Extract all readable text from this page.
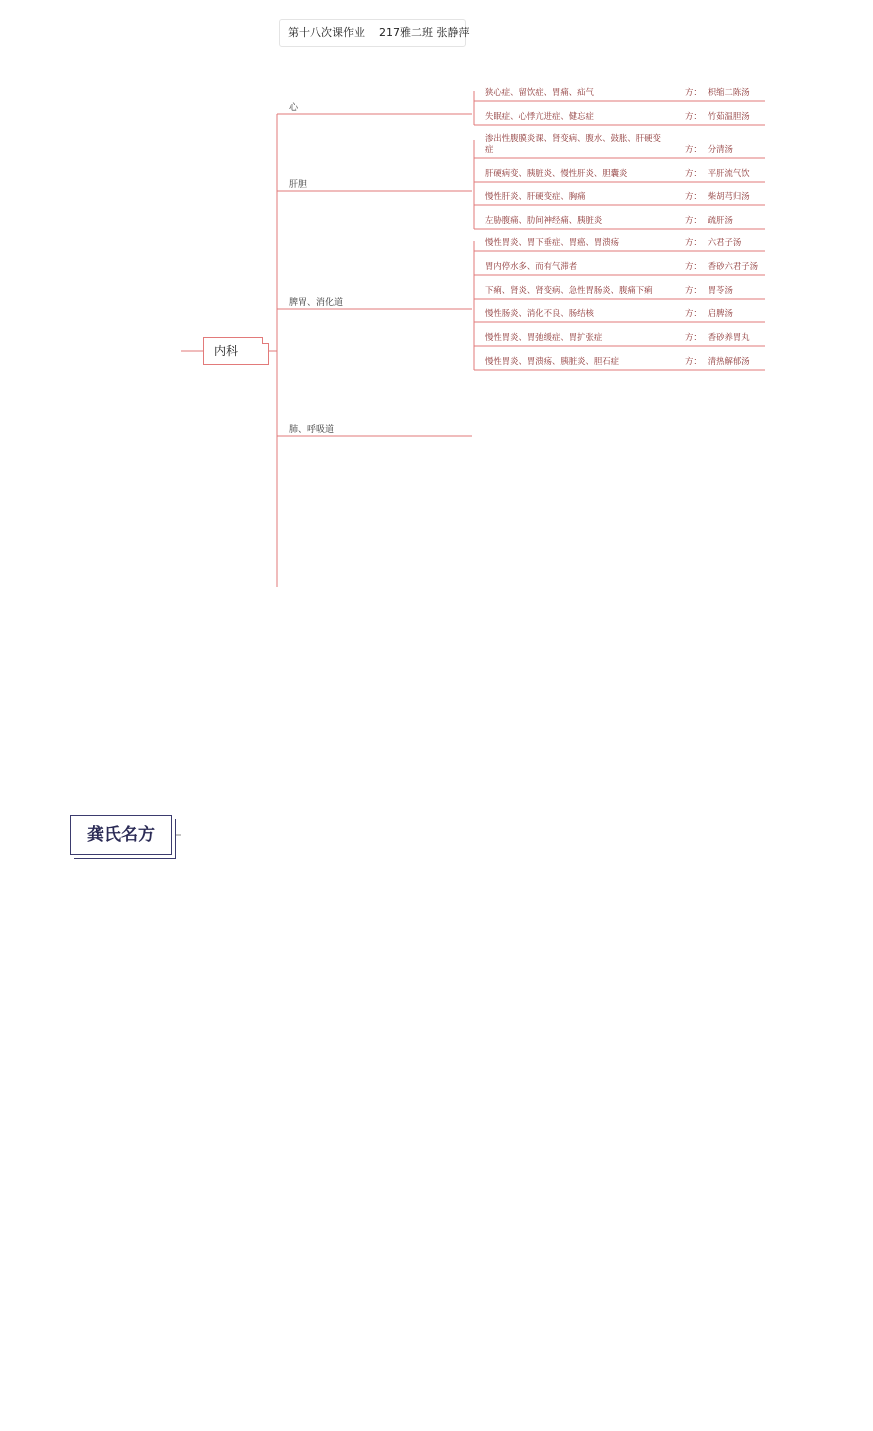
第十八次课作业 217雅二班 张静萍
龚氏名方
内科
心
狭心症、留饮症、胃痛、疝气	方： 枳缩二陈汤
失眠症、心悸亢进症、健忘症	方： 竹茹温胆汤
肝胆
渗出性腹膜炎课、肾变病、腹水、鼓胀、肝硬变
症	方： 分清汤
肝硬病变、胰脏炎、慢性肝炎、胆囊炎	方： 平肝流气饮
慢性肝炎、肝硬变症、胸痛	方： 柴胡芎归汤
左胁腹痛、肋间神经痛、胰脏炎	方： 疏肝汤
脾胃、消化道
慢性胃炎、胃下垂症、胃癌、胃溃疡	方： 六君子汤
胃内停水多、而有气滞者	方： 香砂六君子汤
下痢、肾炎、肾变病、急性胃肠炎、腹痛下痢	方： 胃苓汤
慢性肠炎、消化不良、肠结核	方： 启脾汤
慢性胃炎、胃弛缓症、胃扩张症	方： 香砂养胃丸
慢性胃炎、胃溃疡、胰脏炎、胆石症	方： 清热解郁汤
肺、呼吸道
